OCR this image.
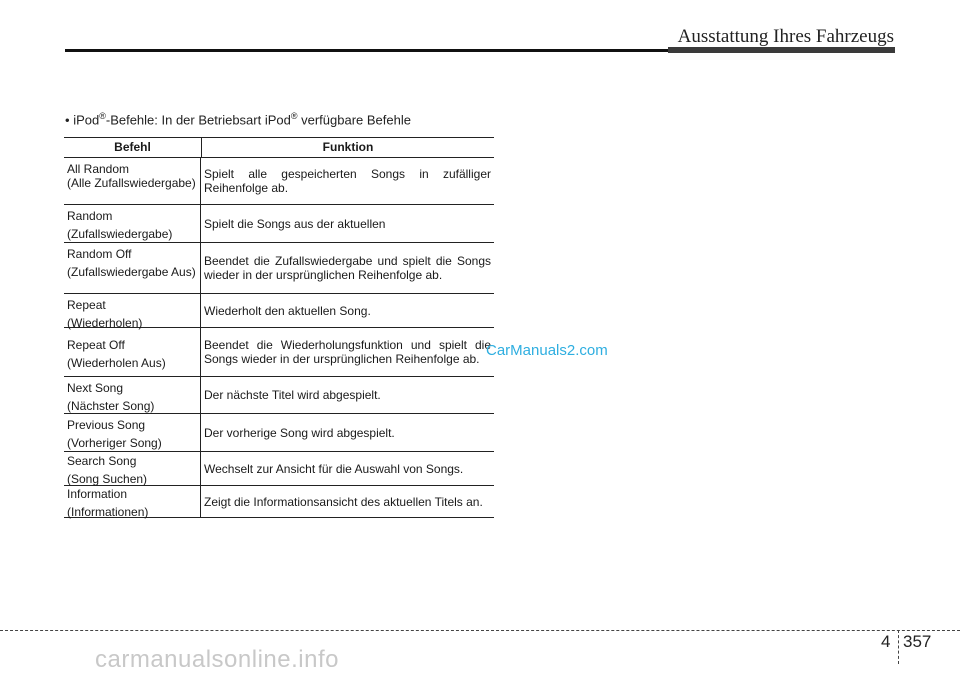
Ausstattung Ihres Fahrzeugs
• iPod®-Befehle: In der Betriebsart iPod® verfügbare Befehle
Befehl	Funktion
All Random
(Alle Zufallswiedergabe)
Spielt alle gespeicherten Songs in zufälliger Reihenfolge ab.
Random
(Zufallswiedergabe)
Spielt die Songs aus der aktuellen
Random Off
(Zufallswiedergabe Aus)
Beendet die Zufallswiedergabe und spielt die Songs wieder in der ursprünglichen Reihenfolge ab.
Repeat
(Wiederholen)
Wiederholt den aktuellen Song.
Repeat Off
(Wiederholen Aus)
Beendet die Wiederholungsfunktion und spielt die Songs wieder in der ursprünglichen Reihenfolge ab.
Next Song
(Nächster Song)
Der nächste Titel wird abgespielt.
Previous Song
(Vorheriger Song)
Der vorherige Song wird abgespielt.
Search Song
(Song Suchen)
Wechselt zur Ansicht für die Auswahl von Songs.
Information
(Informationen)
Zeigt die Informationsansicht des aktuellen Titels an.
CarManuals2.com
4 357
carmanualsonline.info
